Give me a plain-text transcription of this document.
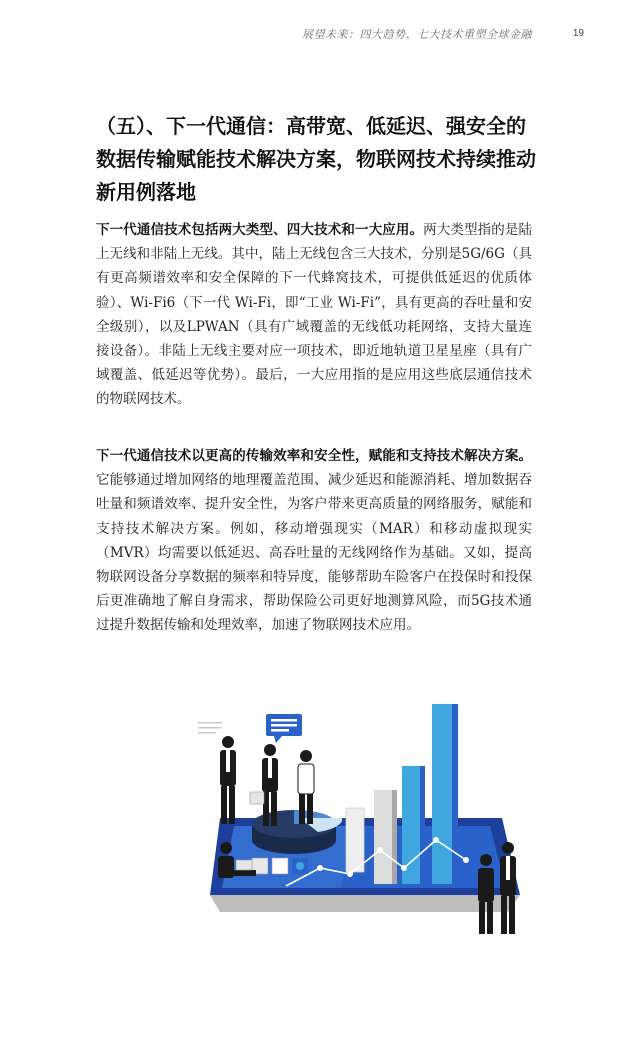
展望未来：四大趋势、七大技术重塑全球金融	19
（五）、下一代通信：高带宽、低延迟、强安全的数据传输赋能技术解决方案，物联网技术持续推动新用例落地

下一代通信技术包括两大类型、四大技术和一大应用。两大类型指的是陆上无线和非陆上无线。其中，陆上无线包含三大技术，分别是5G/6G（具有更高频谱效率和安全保障的下一代蜂窝技术，可提供低延迟的优质体验）、Wi-Fi6（下一代 Wi-Fi，即“工业 Wi-Fi”，具有更高的吞吐量和安全级别），以及LPWAN（具有广域覆盖的无线低功耗网络，支持大量连接设备）。非陆上无线主要对应一项技术，即近地轨道卫星星座（具有广域覆盖、低延迟等优势）。最后，一大应用指的是应用这些底层通信技术的物联网技术。

下一代通信技术以更高的传输效率和安全性，赋能和支持技术解决方案。它能够通过增加网络的地理覆盖范围、减少延迟和能源消耗、增加数据吞吐量和频谱效率、提升安全性，为客户带来更高质量的网络服务，赋能和支持技术解决方案。例如，移动增强现实（MAR）和移动虚拟现实（MVR）均需要以低延迟、高吞吐量的无线网络作为基础。又如，提高物联网设备分享数据的频率和特异度，能够帮助车险客户在投保时和投保后更准确地了解自身需求，帮助保险公司更好地测算风险，而5G技术通过提升数据传输和处理效率，加速了物联网技术应用。
